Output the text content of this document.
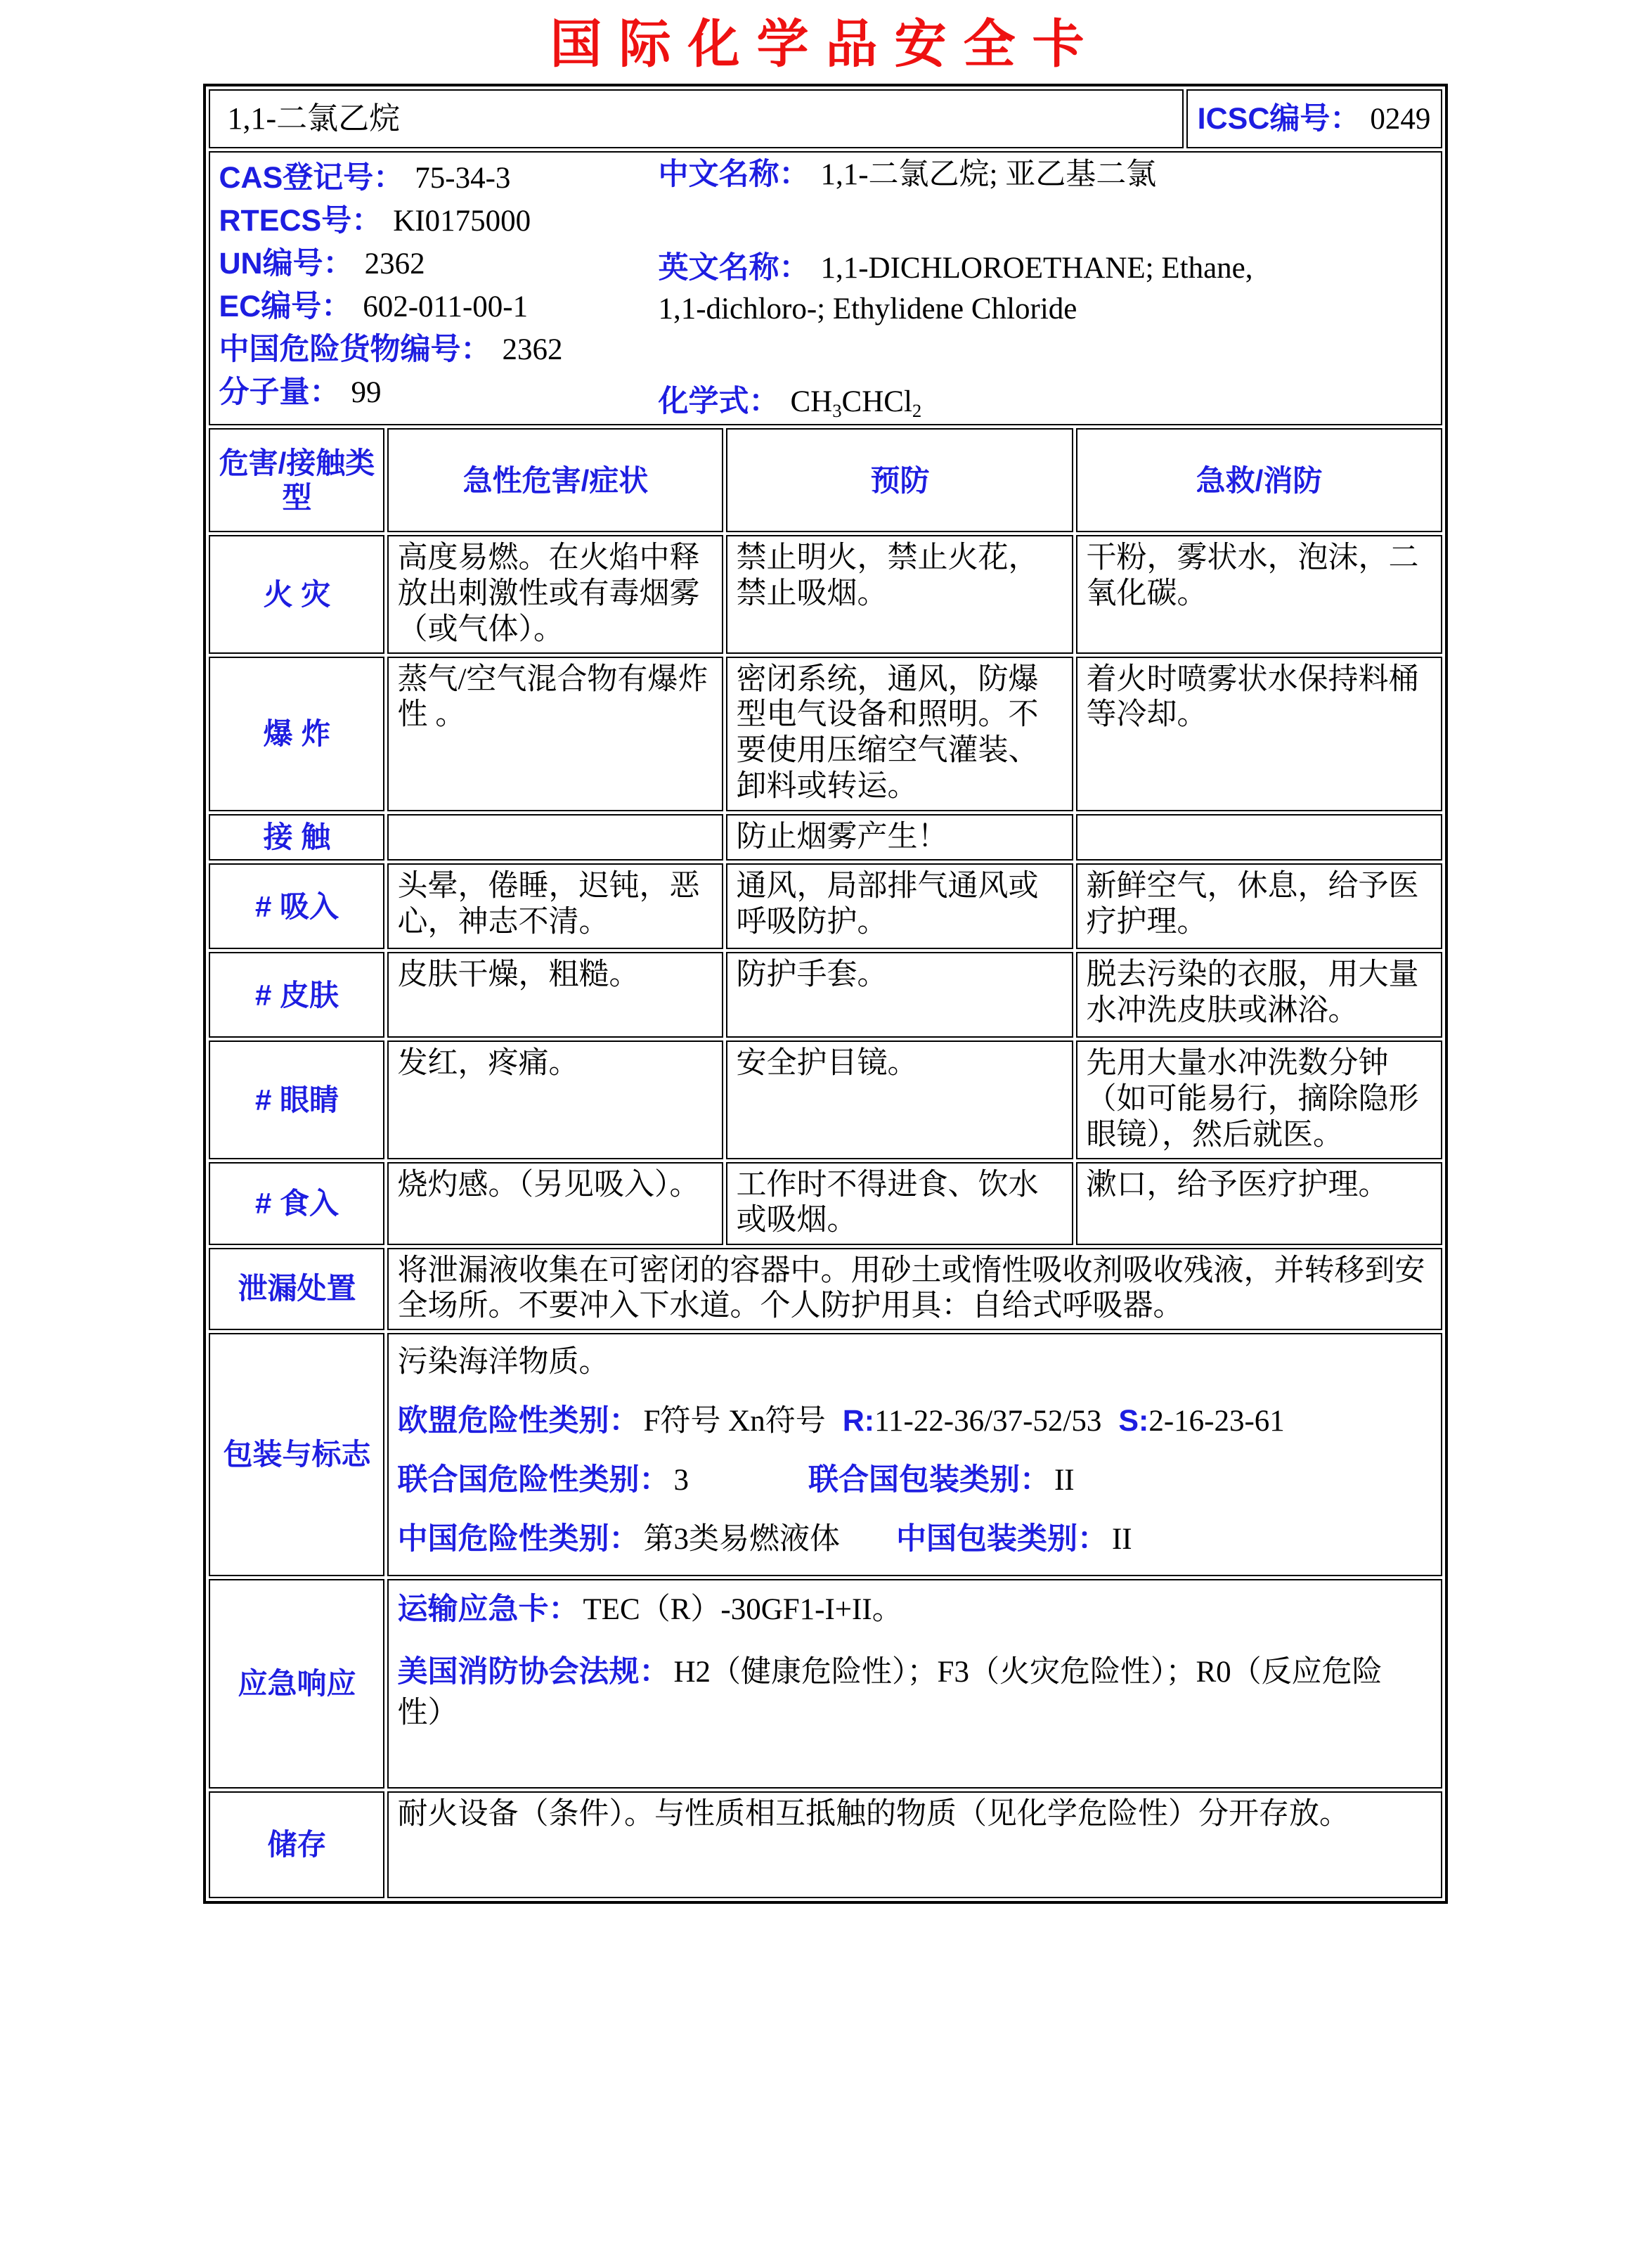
国际化学品安全卡
1,1-二氯乙烷				ICSC编号： 0249

CAS登记号： 75-34-3
RTECS号： KI0175000
UN编号： 2362
EC编号： 602-011-00-1
中国危险货物编号： 2362
分子量： 99
中文名称： 1,1-二氯乙烷; 亚乙基二氯
英文名称： 1,1-DICHLOROETHANE; Ethane, 1,1-dichloro-; Ethylidene Chloride
化学式： $CH_3CHCl_2$

危害/接触类型	急性危害/症状	预防	急救/消防	
火 灾	高度易燃。在火焰中释放出刺激性或有毒烟雾（或气体）。	禁止明火，禁止火花，禁止吸烟。	干粉，雾状水，泡沫，二氧化碳。	
爆 炸	蒸气/空气混合物有爆炸性 。	密闭系统，通风，防爆型电气设备和照明。不要使用压缩空气灌装、卸料或转运。	着火时喷雾状水保持料桶等冷却。	
接 触		防止烟雾产生！		
# 吸入	头晕，倦睡，迟钝，恶心，神志不清。	通风，局部排气通风或呼吸防护。	新鲜空气，休息，给予医疗护理。	
# 皮肤	皮肤干燥，粗糙。	防护手套。	脱去污染的衣服，用大量水冲洗皮肤或淋浴。	
# 眼睛	发红，疼痛。	安全护目镜。	先用大量水冲洗数分钟（如可能易行，摘除隐形眼镜），然后就医。	
# 食入	烧灼感。（另见吸入）。	工作时不得进食、饮水或吸烟。	漱口，给予医疗护理。	
泄漏处置	将泄漏液收集在可密闭的容器中。用砂土或惰性吸收剂吸收残液，并转移到安全场所。不要冲入下水道。个人防护用具：自给式呼吸器。			
包装与标志	污染海洋物质。
欧盟危险性类别： F符号 Xn符号 R:11-22-36/37-52/53 S:2-16-23-61
联合国危险性类别： 3 联合国包装类别： II
中国危险性类别： 第3类易燃液体 中国包装类别： II			

应急响应	运输应急卡： TEC（R）-30GF1-I+II。
美国消防协会法规： H2（健康危险性）；F3（火灾危险性）；R0（反应危险性）			

储存	耐火设备（条件）。与性质相互抵触的物质（见化学危险性）分开存放。			
